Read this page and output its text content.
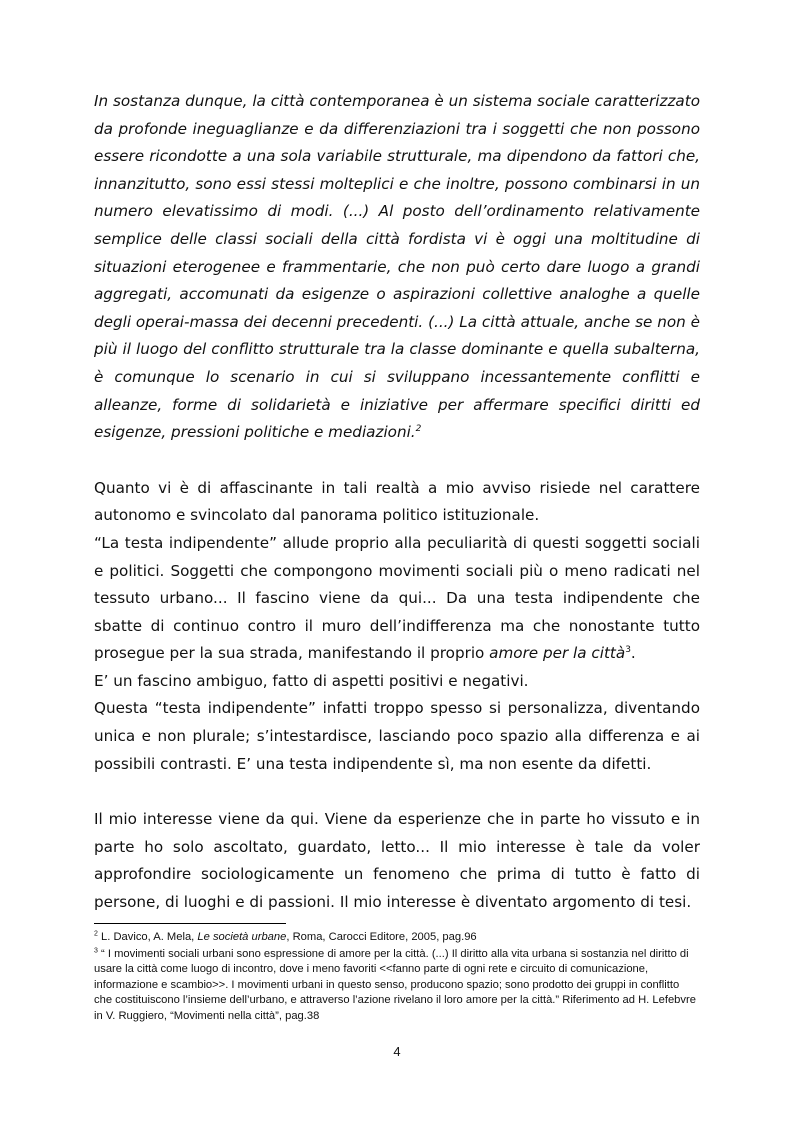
In sostanza dunque, la città contemporanea è un sistema sociale caratterizzato da profonde ineguaglianze e da differenziazioni tra i soggetti che non possono essere ricondotte a una sola variabile strutturale, ma dipendono da fattori che, innanzitutto, sono essi stessi molteplici e che inoltre, possono combinarsi in un numero elevatissimo di modi. (...) Al posto dell’ordinamento relativamente semplice delle classi sociali della città fordista vi è oggi una moltitudine di situazioni eterogenee e frammentarie, che non può certo dare luogo a grandi aggregati, accomunati da esigenze o aspirazioni collettive analoghe a quelle degli operai-massa dei decenni precedenti. (...) La città attuale, anche se non è più il luogo del conflitto strutturale tra la classe dominante e quella subalterna, è comunque lo scenario in cui si sviluppano incessantemente conflitti e alleanze, forme di solidarietà e iniziative per affermare specifici diritti ed esigenze, pressioni politiche e mediazioni.$^2$

Quanto vi è di affascinante in tali realtà a mio avviso risiede nel carattere autonomo e svincolato dal panorama politico istituzionale.

“La testa indipendente” allude proprio alla peculiarità di questi soggetti sociali e politici. Soggetti che compongono movimenti sociali più o meno radicati nel tessuto urbano... Il fascino viene da qui... Da una testa indipendente che sbatte di continuo contro il muro dell’indifferenza ma che nonostante tutto prosegue per la sua strada, manifestando il proprio amore per la città$^3$.

E’ un fascino ambiguo, fatto di aspetti positivi e negativi.

Questa “testa indipendente” infatti troppo spesso si personalizza, diventando unica e non plurale; s’intestardisce, lasciando poco spazio alla differenza e ai possibili contrasti. E’ una testa indipendente sì, ma non esente da difetti.

Il mio interesse viene da qui. Viene da esperienze che in parte ho vissuto e in parte ho solo ascoltato, guardato, letto... Il mio interesse è tale da voler approfondire sociologicamente un fenomeno che prima di tutto è fatto di persone, di luoghi e di passioni. Il mio interesse è diventato argomento di tesi.

$^2$ L. Davico, A. Mela, Le società urbane, Roma, Carocci Editore, 2005, pag.96
$^3$ “ I movimenti sociali urbani sono espressione di amore per la città. (...) Il diritto alla vita urbana si sostanzia nel diritto di usare la città come luogo di incontro, dove i meno favoriti <<fanno parte di ogni rete e circuito di comunicazione, informazione e scambio>>. I movimenti urbani in questo senso, producono spazio; sono prodotto dei gruppi in conflitto che costituiscono l’insieme dell’urbano, e attraverso l’azione rivelano il loro amore per la città.” Riferimento ad H. Lefebvre in V. Ruggiero, “Movimenti nella città”, pag.38
4
